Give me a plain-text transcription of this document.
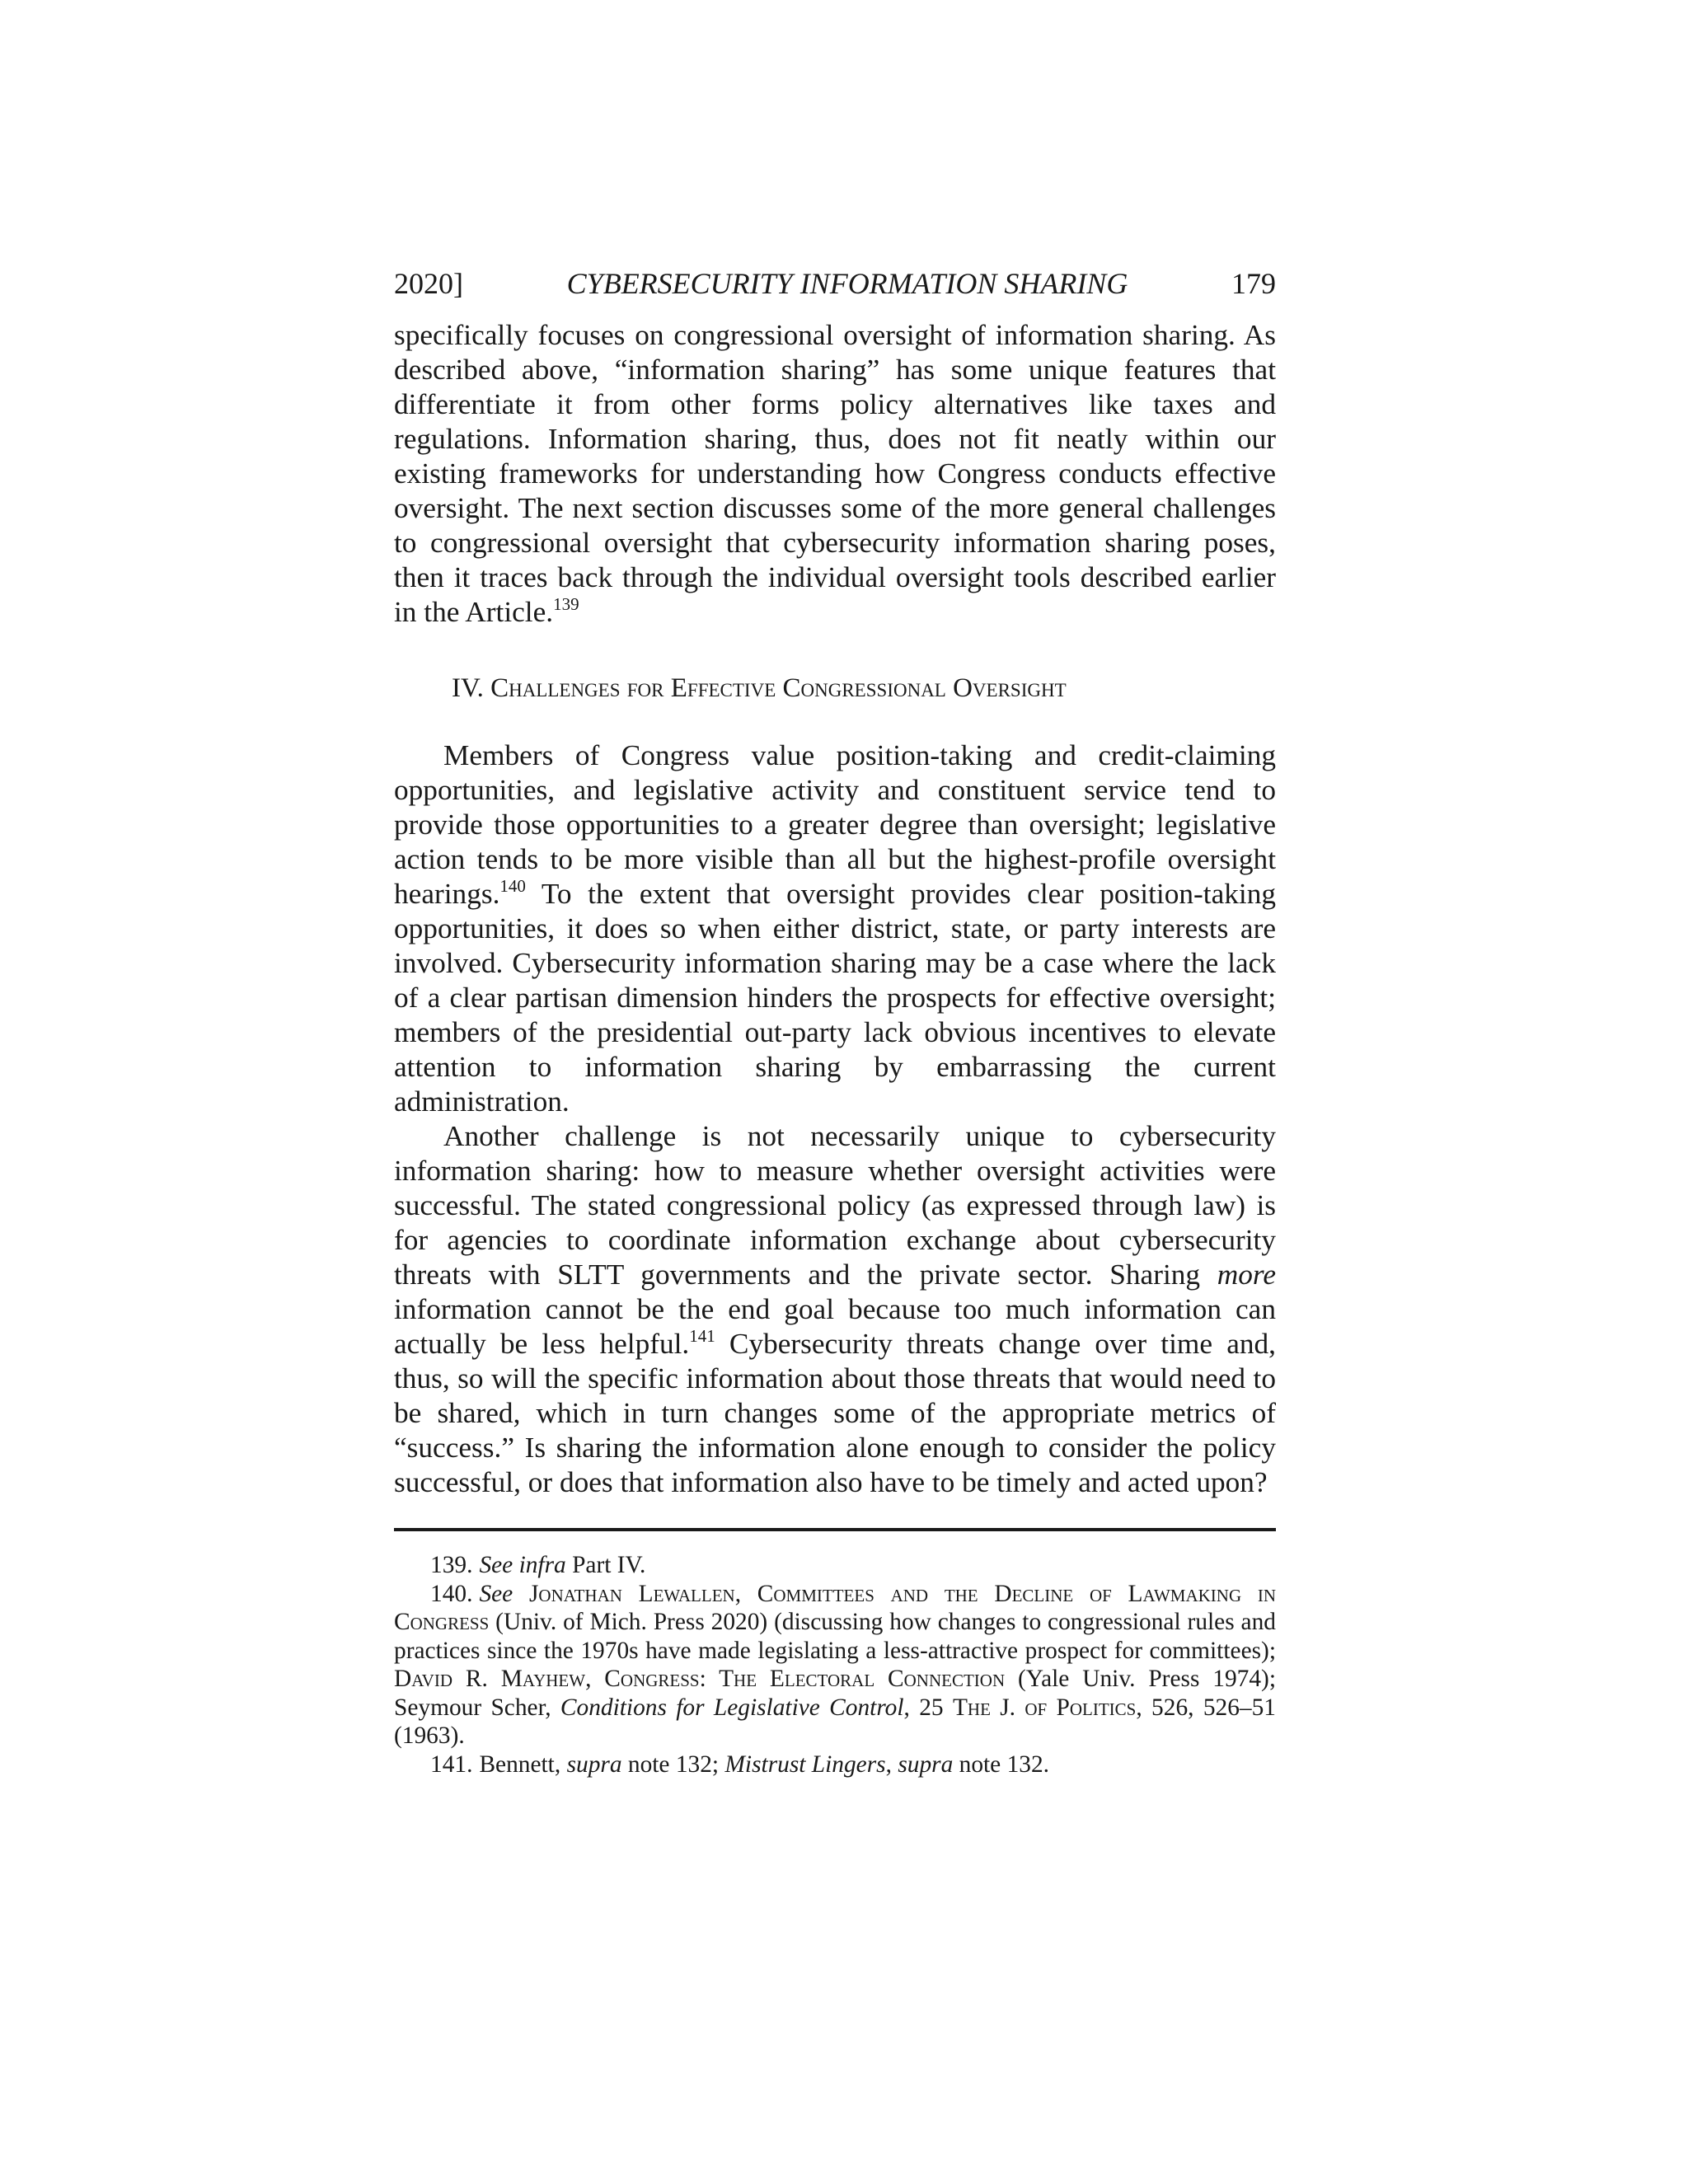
2020]	CYBERSECURITY INFORMATION SHARING	179

specifically focuses on congressional oversight of information sharing. As described above, “information sharing” has some unique features that differentiate it from other forms policy alternatives like taxes and regulations. Information sharing, thus, does not fit neatly within our existing frameworks for understanding how Congress conducts effective oversight. The next section discusses some of the more general challenges to congressional oversight that cybersecurity information sharing poses, then it traces back through the individual oversight tools described earlier in the Article.$^{139}$

IV. Challenges for Effective Congressional Oversight

Members of Congress value position-taking and credit-claiming opportunities, and legislative activity and constituent service tend to provide those opportunities to a greater degree than oversight; legislative action tends to be more visible than all but the highest-profile oversight hearings.$^{140}$ To the extent that oversight provides clear position-taking opportunities, it does so when either district, state, or party interests are involved. Cybersecurity information sharing may be a case where the lack of a clear partisan dimension hinders the prospects for effective oversight; members of the presidential out-party lack obvious incentives to elevate attention to information sharing by embarrassing the current administration.

Another challenge is not necessarily unique to cybersecurity information sharing: how to measure whether oversight activities were successful. The stated congressional policy (as expressed through law) is for agencies to coordinate information exchange about cybersecurity threats with SLTT governments and the private sector. Sharing more information cannot be the end goal because too much information can actually be less helpful.$^{141}$ Cybersecurity threats change over time and, thus, so will the specific information about those threats that would need to be shared, which in turn changes some of the appropriate metrics of “success.” Is sharing the information alone enough to consider the policy successful, or does that information also have to be timely and acted upon?

139. See infra Part IV.

140. See Jonathan Lewallen, Committees and the Decline of Lawmaking in Congress (Univ. of Mich. Press 2020) (discussing how changes to congressional rules and practices since the 1970s have made legislating a less-attractive prospect for committees); David R. Mayhew, Congress: The Electoral Connection (Yale Univ. Press 1974); Seymour Scher, Conditions for Legislative Control, 25 The J. of Politics, 526, 526–51 (1963).

141. Bennett, supra note 132; Mistrust Lingers, supra note 132.
